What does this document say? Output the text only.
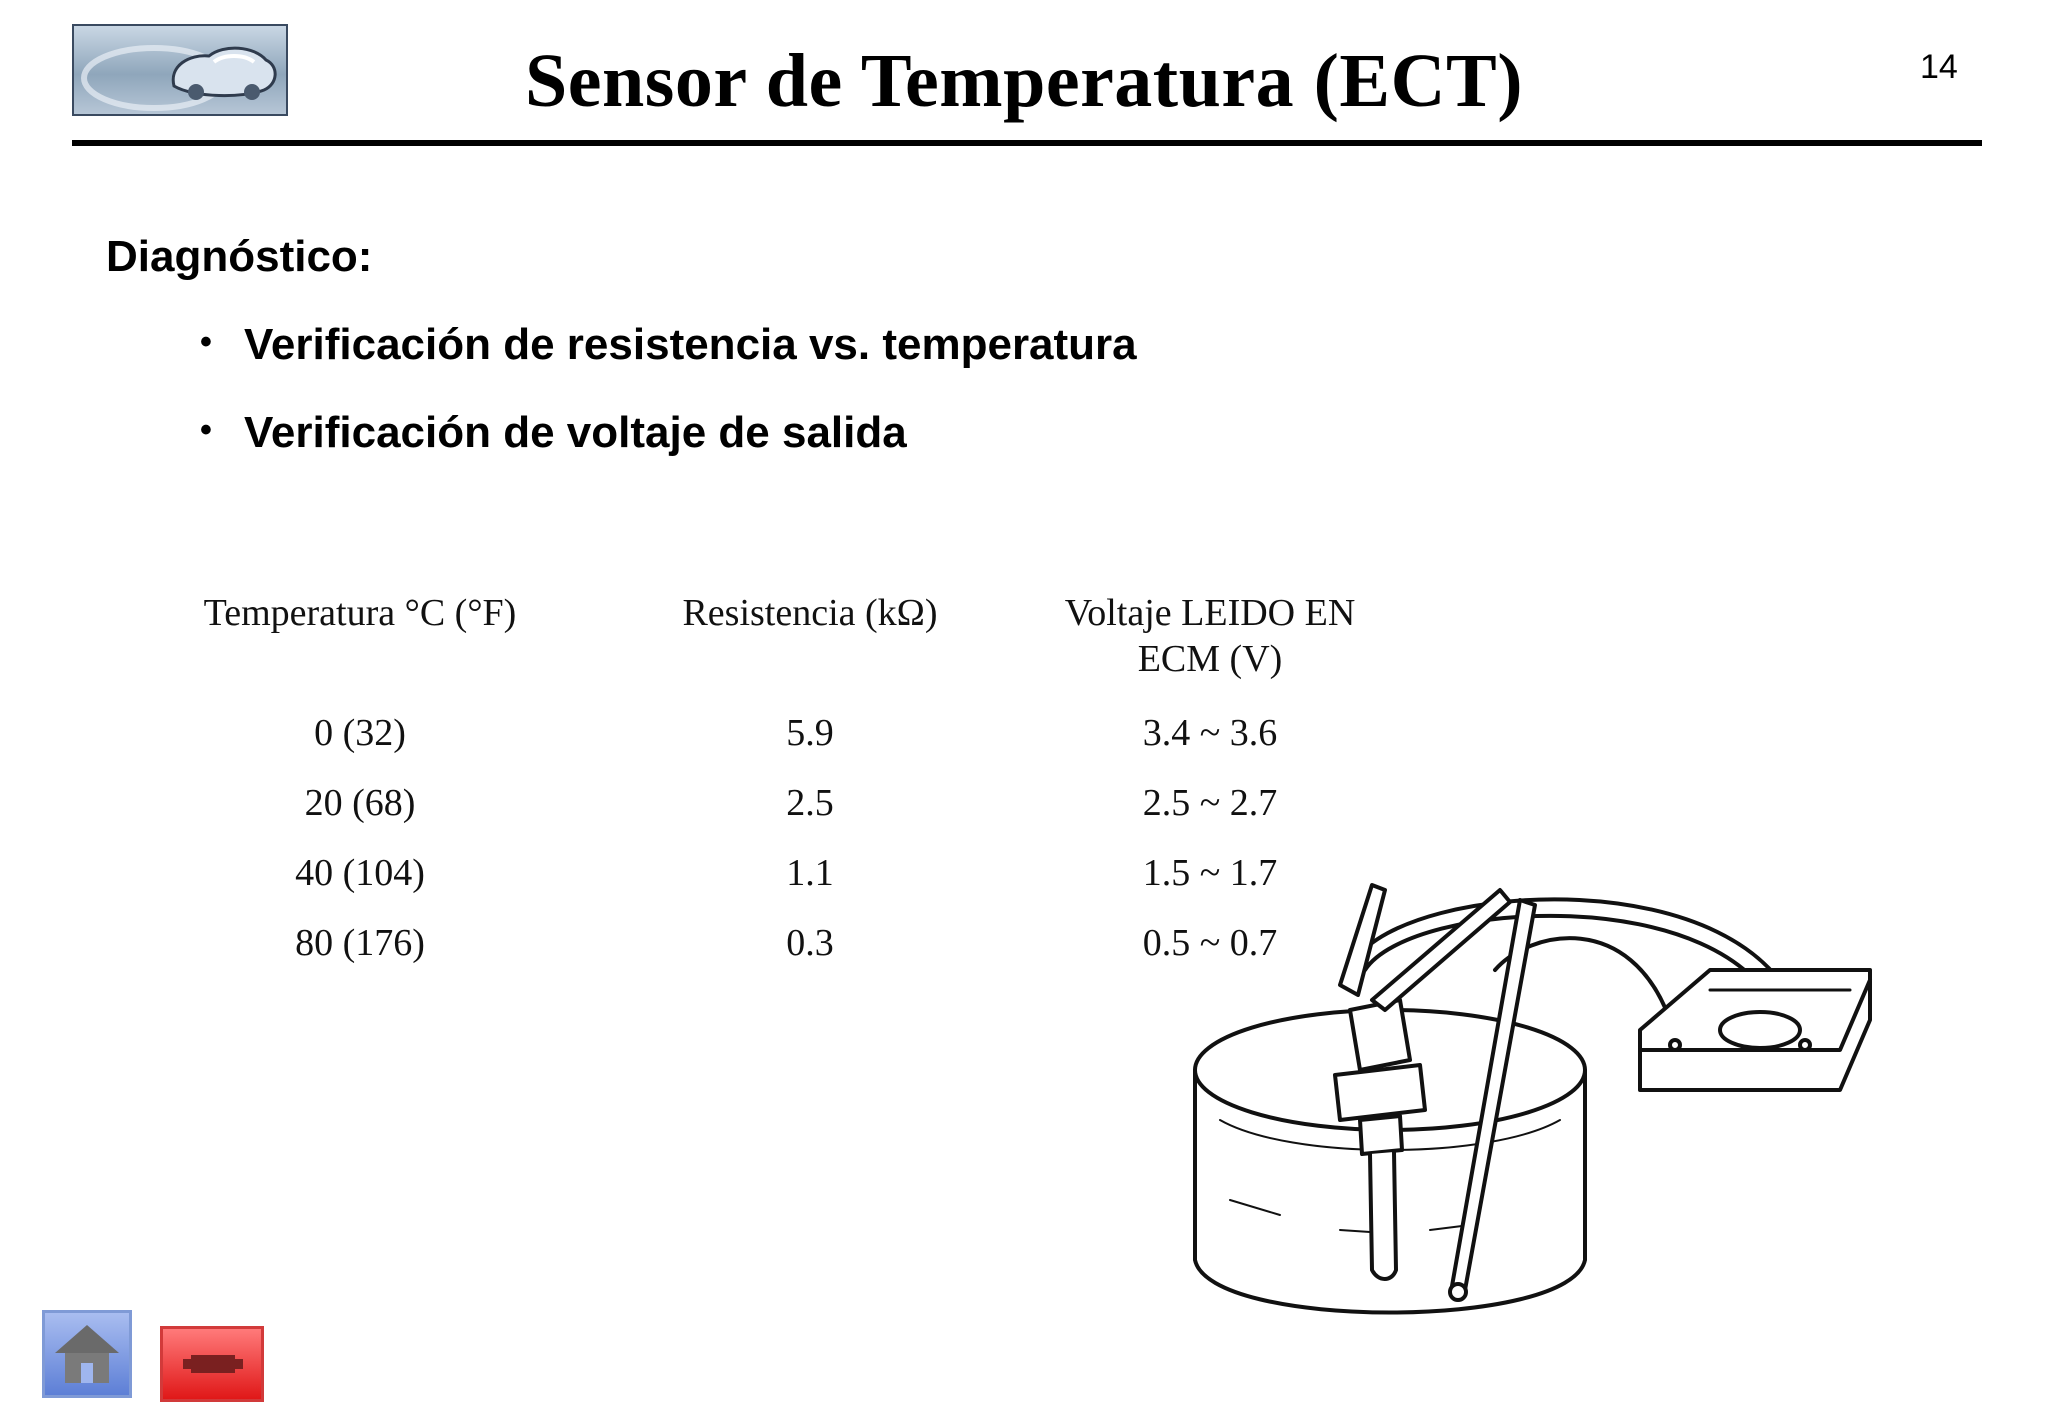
Sensor de Temperatura (ECT)	14
Diagnóstico:
• Verificación de resistencia vs. temperatura
• Verificación de voltaje de salida
Temperatura °C (°F)	Resistencia (kΩ)	Voltaje LEIDO EN
ECM (V)
0 (32)	5.9	3.4 ~ 3.6
20 (68)	2.5	2.5 ~ 2.7
40 (104)	1.1	1.5 ~ 1.7
80 (176)	0.3	0.5 ~ 0.7
